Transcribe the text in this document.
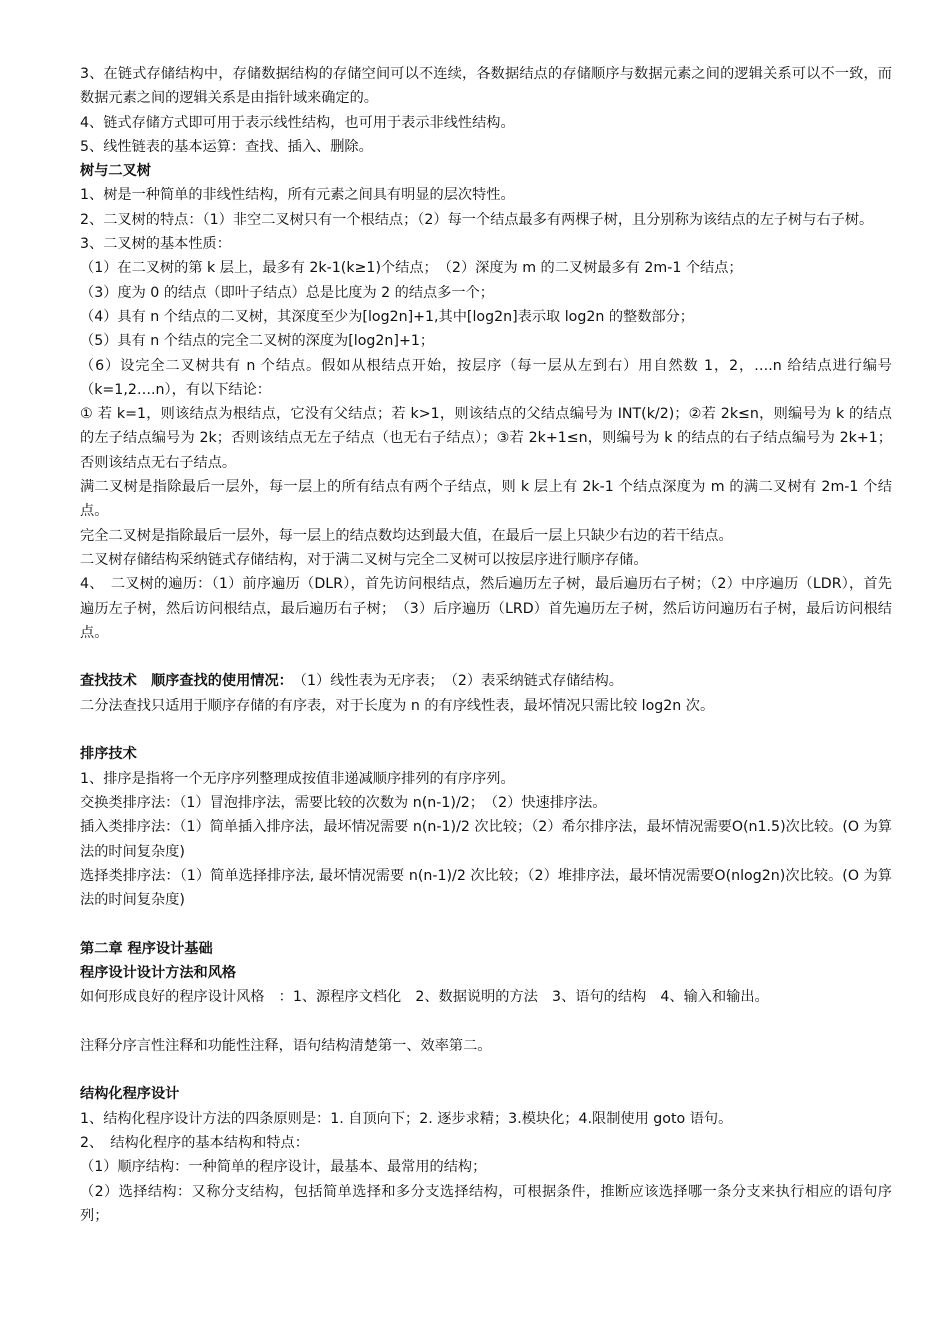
3、在链式存储结构中，存储数据结构的存储空间可以不连续，各数据结点的存储顺序与数据元素之间的逻辑关系可以不一致，而数据元素之间的逻辑关系是由指针域来确定的。

4、链式存储方式即可用于表示线性结构，也可用于表示非线性结构。

5、线性链表的基本运算：查找、插入、删除。

树与二叉树

1、树是一种简单的非线性结构，所有元素之间具有明显的层次特性。

2、二叉树的特点：（1）非空二叉树只有一个根结点；（2）每一个结点最多有两棵子树，且分别称为该结点的左子树与右子树。

3、二叉树的基本性质：

（1）在二叉树的第 k 层上，最多有 2k-1(k≥1)个结点；　（2）深度为 m 的二叉树最多有 2m-1 个结点；

（3）度为 0 的结点（即叶子结点）总是比度为 2 的结点多一个；

（4）具有 n 个结点的二叉树，其深度至少为[log2n]+1,其中[log2n]表示取 log2n 的整数部分；

（5）具有 n 个结点的完全二叉树的深度为[log2n]+1；

（6）设完全二叉树共有 n 个结点。假如从根结点开始，按层序（每一层从左到右）用自然数 1，2，….n 给结点进行编号（k=1,2….n），有以下结论：

① 若 k=1，则该结点为根结点，它没有父结点；若 k>1，则该结点的父结点编号为 INT(k/2)；②若 2k≤n，则编号为 k 的结点的左子结点编号为 2k；否则该结点无左子结点（也无右子结点）；③若 2k+1≤n，则编号为 k 的结点的右子结点编号为 2k+1；否则该结点无右子结点。

满二叉树是指除最后一层外，每一层上的所有结点有两个子结点，则 k 层上有 2k-1 个结点深度为 m 的满二叉树有 2m-1 个结点。

完全二叉树是指除最后一层外，每一层上的结点数均达到最大值，在最后一层上只缺少右边的若干结点。

二叉树存储结构采纳链式存储结构，对于满二叉树与完全二叉树可以按层序进行顺序存储。

4、　二叉树的遍历：（1）前序遍历（DLR），首先访问根结点，然后遍历左子树，最后遍历右子树；（2）中序遍历（LDR），首先遍历左子树，然后访问根结点，最后遍历右子树；　（3）后序遍历（LRD）首先遍历左子树，然后访问遍历右子树，最后访问根结点。

查找技术　顺序查找的使用情况：　（1）线性表为无序表；　（2）表采纳链式存储结构。

二分法查找只适用于顺序存储的有序表，对于长度为 n 的有序线性表，最坏情况只需比较 log2n 次。

排序技术

1、排序是指将一个无序序列整理成按值非递减顺序排列的有序序列。

交换类排序法：（1）冒泡排序法，需要比较的次数为 n(n-1)/2；　（2）快速排序法。

插入类排序法：（1）简单插入排序法，最坏情况需要 n(n-1)/2 次比较；（2）希尔排序法，最坏情况需要O(n1.5)次比较。(O 为算法的时间复杂度)

选择类排序法：（1）简单选择排序法, 最坏情况需要 n(n-1)/2 次比较；（2）堆排序法，最坏情况需要O(nlog2n)次比较。(O 为算法的时间复杂度)

第二章 程序设计基础

程序设计设计方法和风格

如何形成良好的程序设计风格　：1、源程序文档化　2、数据说明的方法　3、语句的结构　4、输入和输出。

注释分序言性注释和功能性注释，语句结构清楚第一、效率第二。

结构化程序设计

1、结构化程序设计方法的四条原则是：1. 自顶向下；2. 逐步求精；3.模块化；4.限制使用 goto 语句。

2、　结构化程序的基本结构和特点：

（1）顺序结构：一种简单的程序设计，最基本、最常用的结构；

（2）选择结构：又称分支结构，包括简单选择和多分支选择结构，可根据条件，推断应该选择哪一条分支来执行相应的语句序列；
